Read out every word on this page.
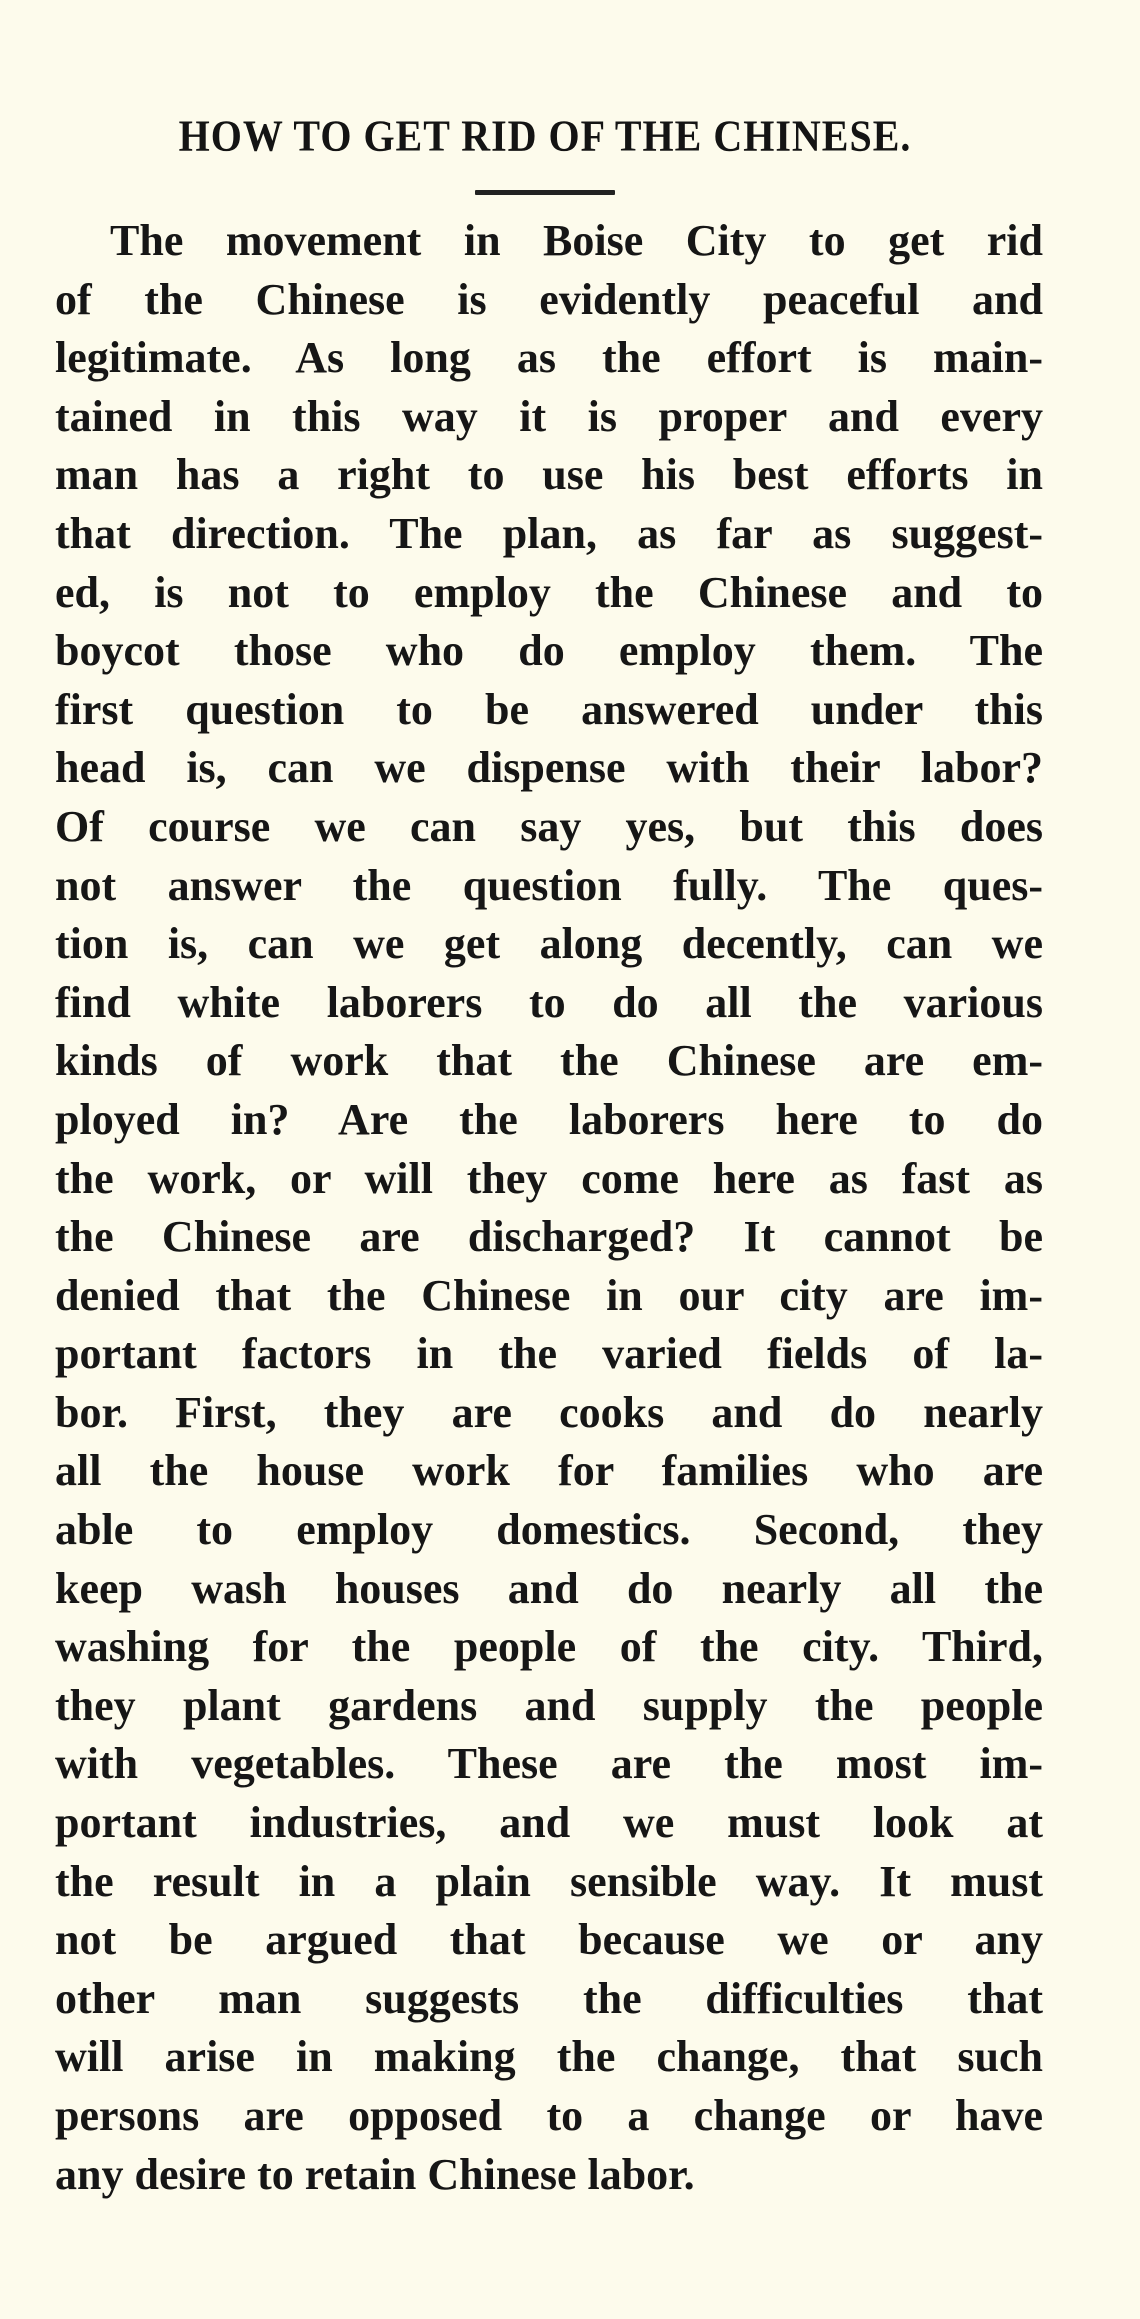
HOW TO GET RID OF THE CHINESE.
The movement in Boise City to get rid
of the Chinese is evidently peaceful and
legitimate. As long as the effort is main-
tained in this way it is proper and every
man has a right to use his best efforts in
that direction. The plan, as far as suggest-
ed, is not to employ the Chinese and to
boycot those who do employ them. The
first question to be answered under this
head is, can we dispense with their labor?
Of course we can say yes, but this does
not answer the question fully. The ques-
tion is, can we get along decently, can we
find white laborers to do all the various
kinds of work that the Chinese are em-
ployed in? Are the laborers here to do
the work, or will they come here as fast as
the Chinese are discharged? It cannot be
denied that the Chinese in our city are im-
portant factors in the varied fields of la-
bor. First, they are cooks and do nearly
all the house work for families who are
able to employ domestics. Second, they
keep wash houses and do nearly all the
washing for the people of the city. Third,
they plant gardens and supply the people
with vegetables. These are the most im-
portant industries, and we must look at
the result in a plain sensible way. It must
not be argued that because we or any
other man suggests the difficulties that
will arise in making the change, that such
persons are opposed to a change or have
any desire to retain Chinese labor.
